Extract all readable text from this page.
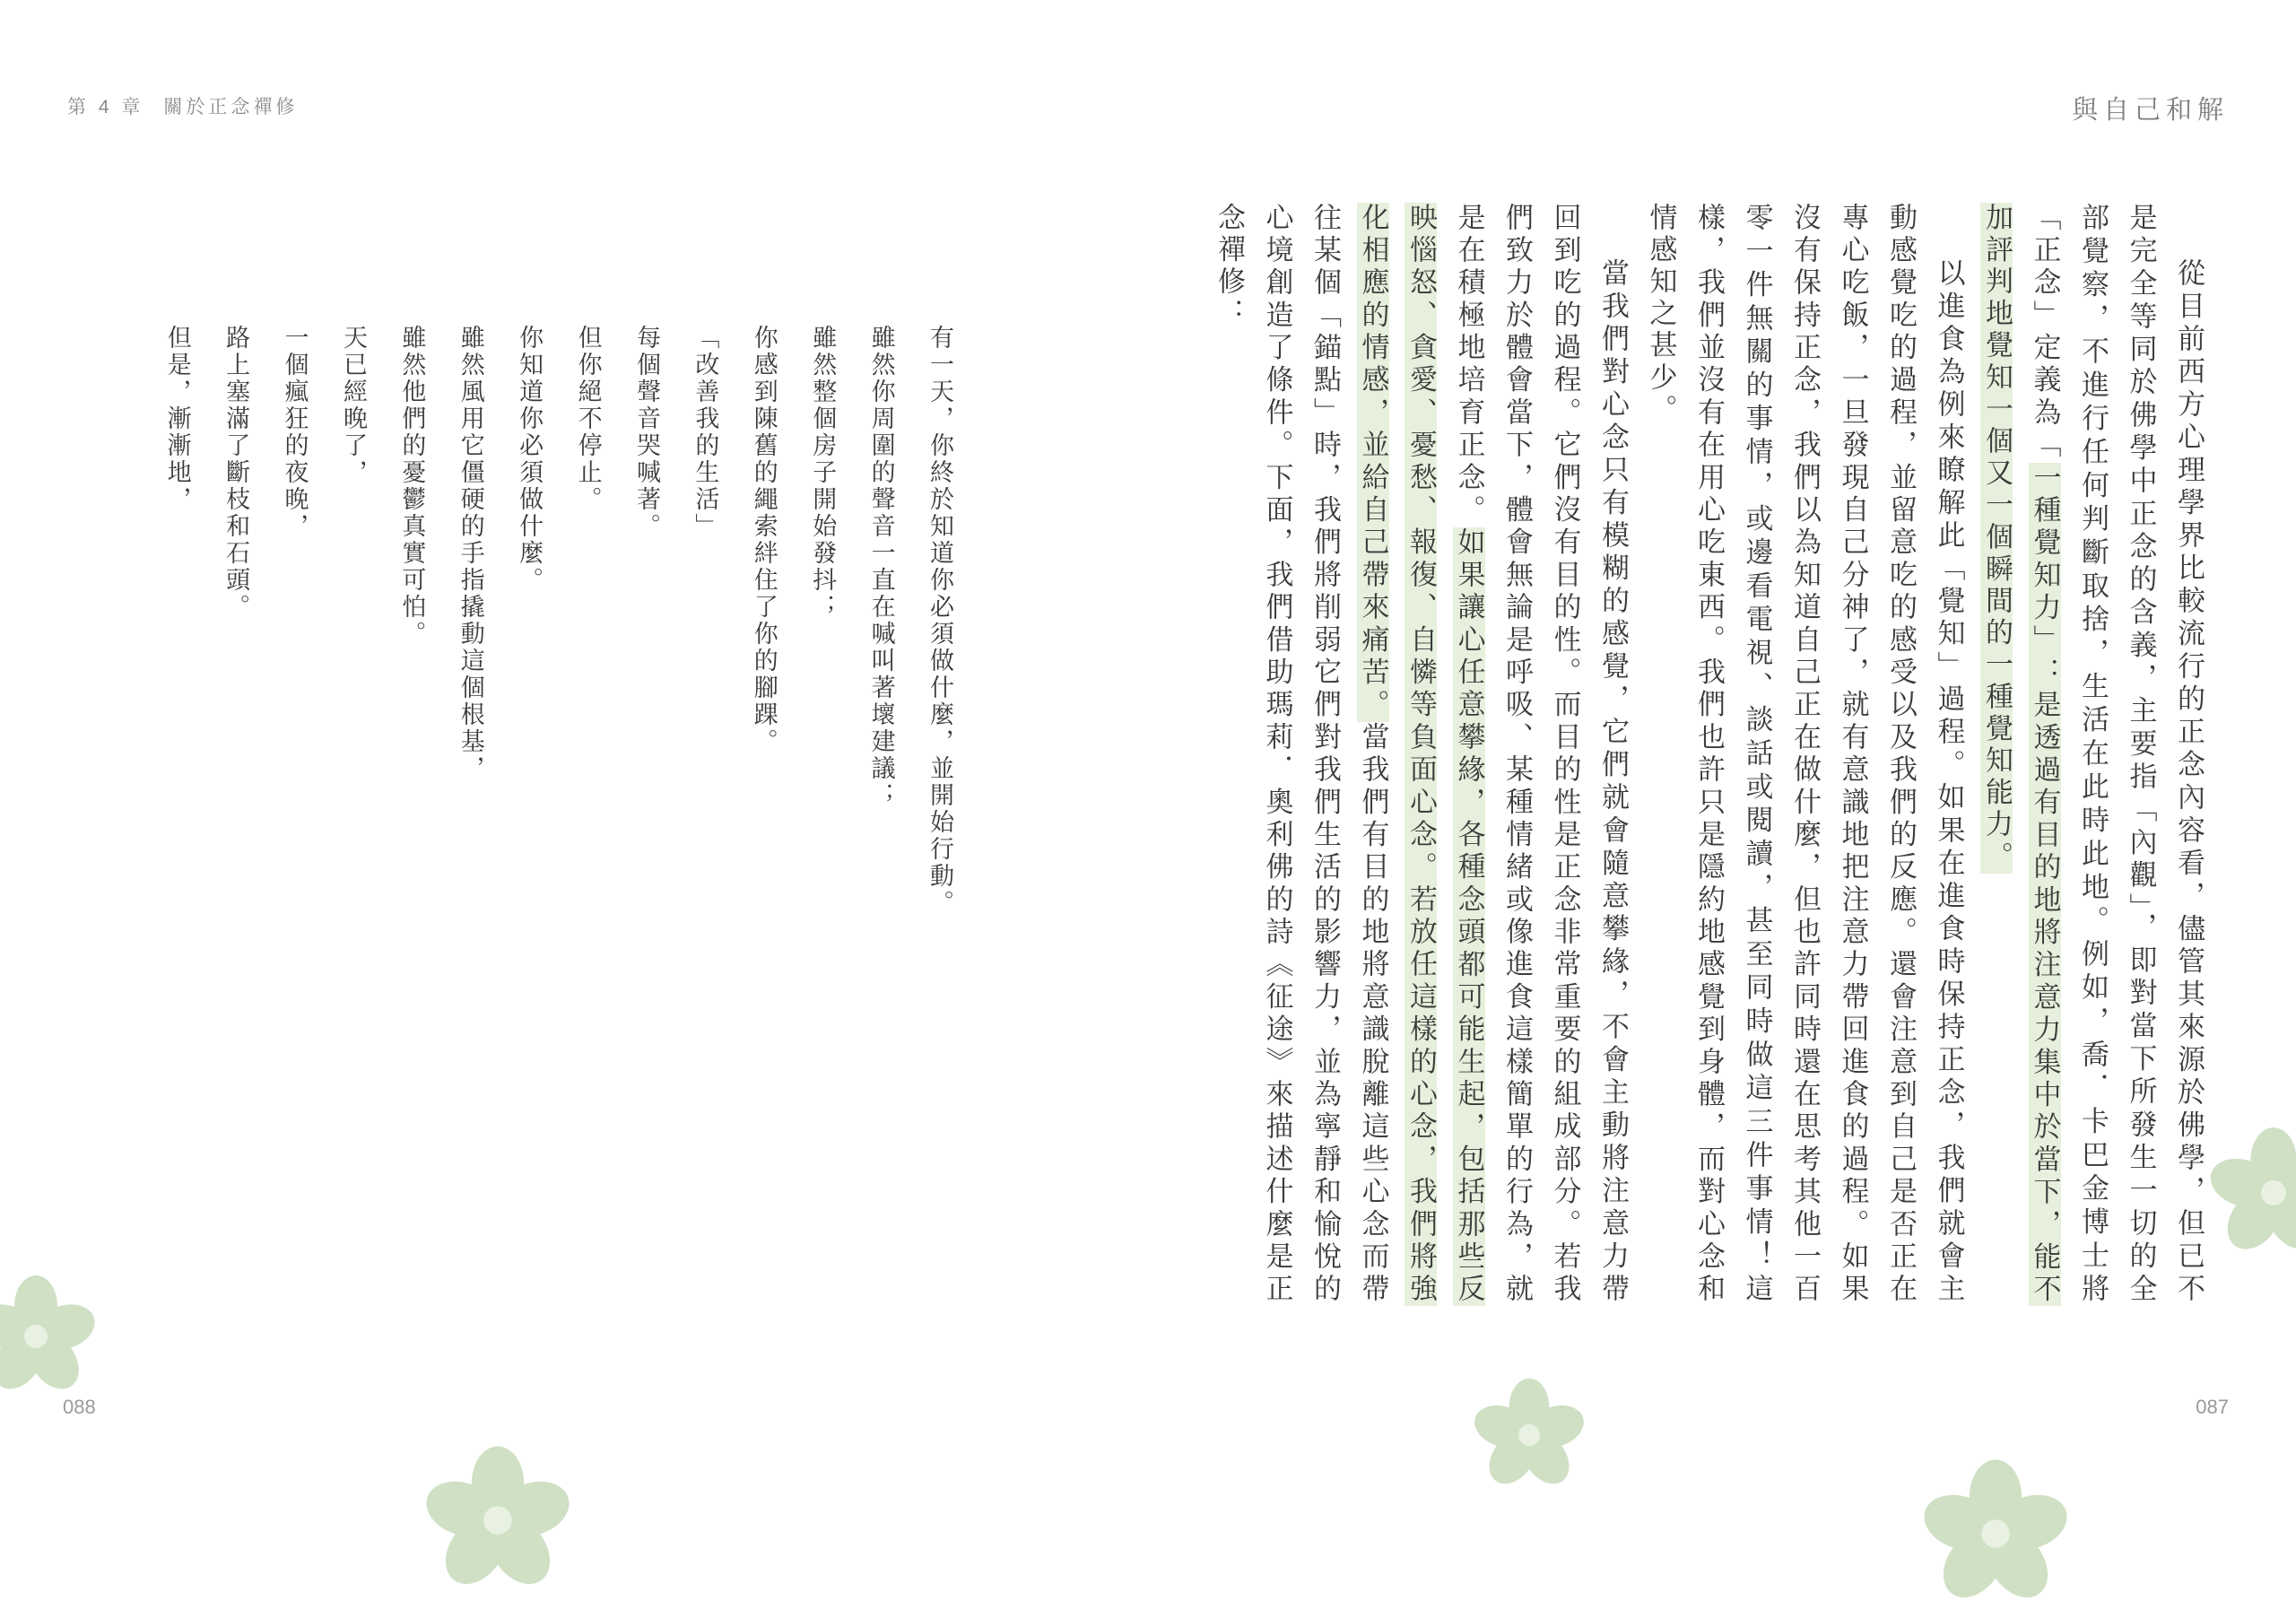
第 4 章 關於正念禪修
有一天，你終於知道你必須做什麼，並開始行動。
雖然你周圍的聲音一直在喊叫著壞建議；
雖然整個房子開始發抖；
你感到陳舊的繩索絆住了你的腳踝。
「改善我的生活」
每個聲音哭喊著。
但你絕不停止。
你知道你必須做什麼。
雖然風用它僵硬的手指撬動這個根基，
雖然他們的憂鬱真實可怕。
天已經晚了，
一個瘋狂的夜晚，
路上塞滿了斷枝和石頭。
但是，漸漸地，
088
與自己和解

從目前西方心理學界比較流行的正念內容看，儘管其來源於佛學，但已不是完全等同於佛學中正念的含義，主要指「內觀」，即對當下所發生一切的全部覺察，不進行任何判斷取捨，生活在此時此地。例如，喬．卡巴金博士將「正念」定義為「一種覺知力」：是透過有目的地將注意力集中於當下，能不加評判地覺知一個又一個瞬間的一種覺知能力。

以進食為例來瞭解此「覺知」過程。如果在進食時保持正念，我們就會主動感覺吃的過程，並留意吃的感受以及我們的反應。還會注意到自己是否正在專心吃飯，一旦發現自己分神了，就有意識地把注意力帶回進食的過程。如果沒有保持正念，我們以為知道自己正在做什麼，但也許同時還在思考其他一百零一件無關的事情，或邊看電視、談話或閱讀，甚至同時做這三件事情！這樣，我們並沒有在用心吃東西。我們也許只是隱約地感覺到身體，而對心念和情感知之甚少。

當我們對心念只有模糊的感覺，它們就會隨意攀緣，不會主動將注意力帶回到吃的過程。它們沒有目的性。而目的性是正念非常重要的組成部分。若我們致力於體會當下，體會無論是呼吸、某種情緒或像進食這樣簡單的行為，就是在積極地培育正念。如果讓心任意攀緣，各種念頭都可能生起，包括那些反映惱怒、貪愛、憂愁、報復、自憐等負面心念。若放任這樣的心念，我們將強化相應的情感，並給自己帶來痛苦。當我們有目的地將意識脫離這些心念而帶往某個「錨點」時，我們將削弱它們對我們生活的影響力，並為寧靜和愉悅的心境創造了條件。下面，我們借助瑪莉．奧利佛的詩《征途》來描述什麼是正念禪修：

087
